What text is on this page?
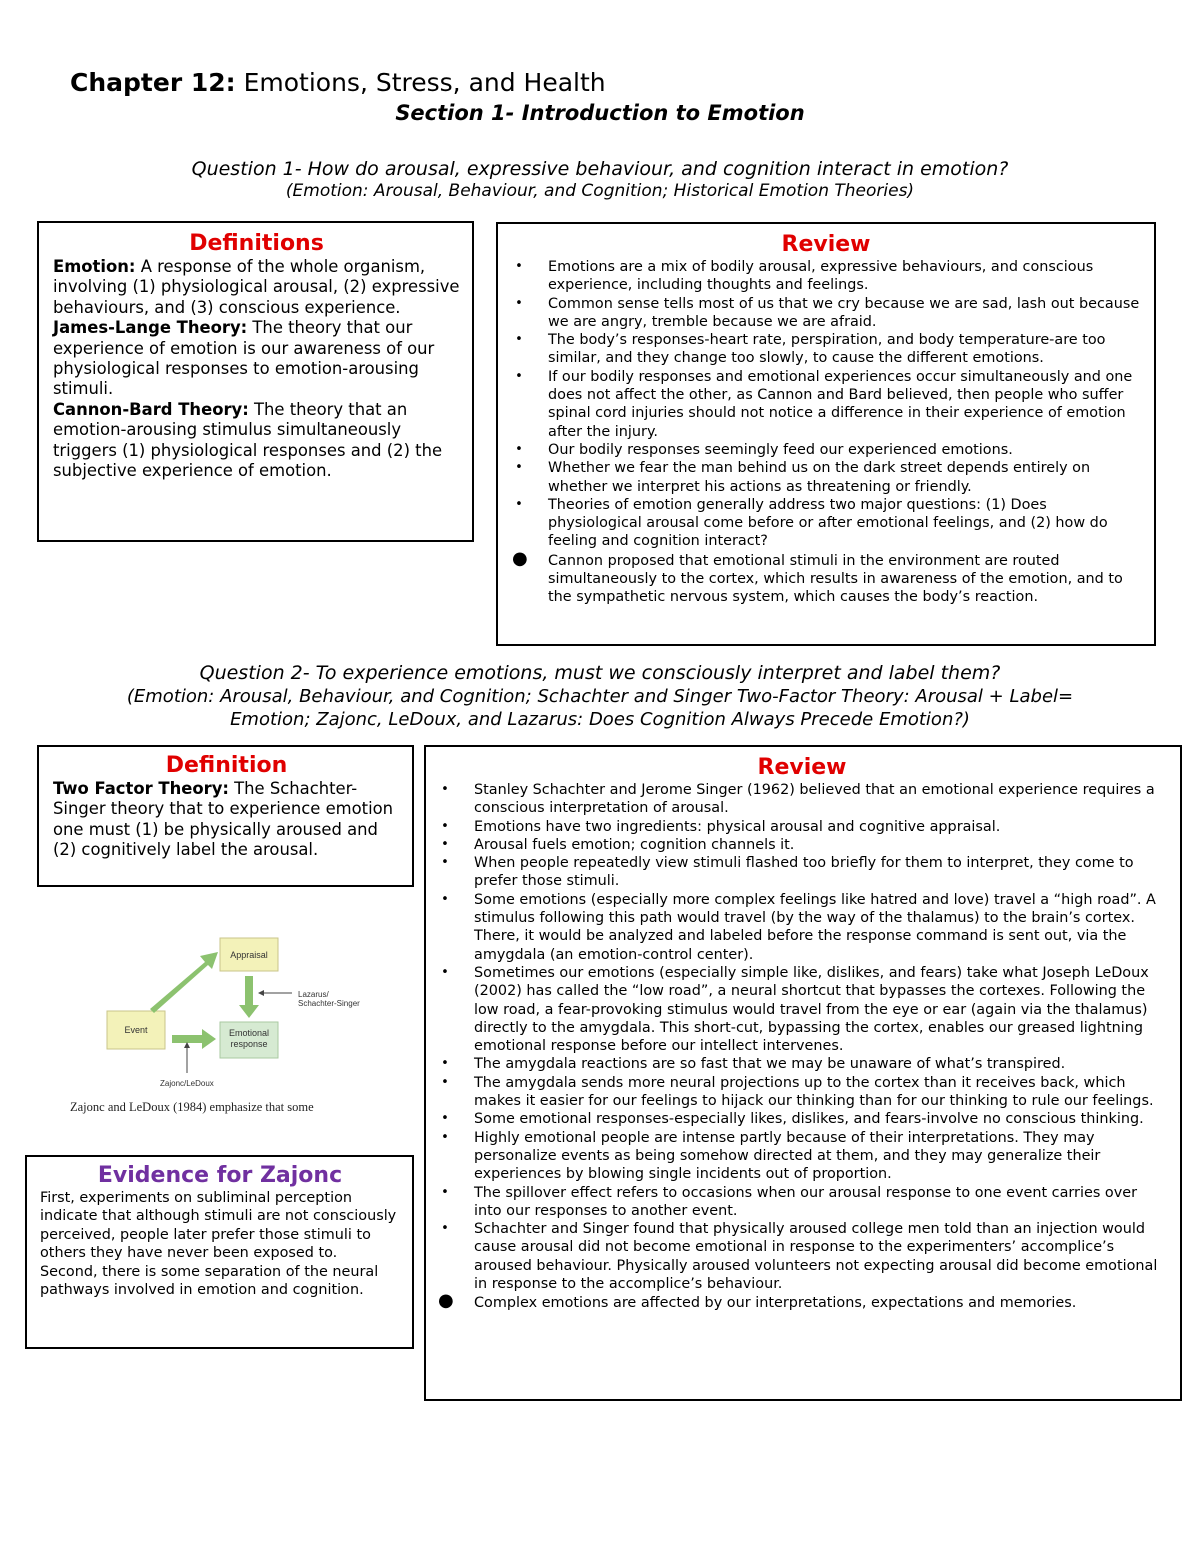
Chapter 12: Emotions, Stress, and Health
Section 1- Introduction to Emotion
Question 1- How do arousal, expressive behaviour, and cognition interact in emotion?
(Emotion: Arousal, Behaviour, and Cognition; Historical Emotion Theories)
Definitions

Emotion: A response of the whole organism, involving (1) physiological arousal, (2) expressive behaviours, and (3) conscious experience.

James-Lange Theory: The theory that our experience of emotion is our awareness of our physiological responses to emotion-arousing stimuli.

Cannon-Bard Theory: The theory that an emotion-arousing stimulus simultaneously triggers (1) physiological responses and (2) the subjective experience of emotion.

Review
• Emotions are a mix of bodily arousal, expressive behaviours, and conscious experience, including thoughts and feelings.
• Common sense tells most of us that we cry because we are sad, lash out because we are angry, tremble because we are afraid.
• The body’s responses-heart rate, perspiration, and body temperature-are too similar, and they change too slowly, to cause the different emotions.
• If our bodily responses and emotional experiences occur simultaneously and one does not affect the other, as Cannon and Bard believed, then people who suffer spinal cord injuries should not notice a difference in their experience of emotion after the injury.
• Our bodily responses seemingly feed our experienced emotions.
• Whether we fear the man behind us on the dark street depends entirely on whether we interpret his actions as threatening or friendly.
• Theories of emotion generally address two major questions: (1) Does physiological arousal come before or after emotional feelings, and (2) how do feeling and cognition interact?
● Cannon proposed that emotional stimuli in the environment are routed simultaneously to the cortex, which results in awareness of the emotion, and to the sympathetic nervous system, which causes the body’s reaction.
Question 2- To experience emotions, must we consciously interpret and label them?
(Emotion: Arousal, Behaviour, and Cognition; Schachter and Singer Two-Factor Theory: Arousal + Label=
Emotion; Zajonc, LeDoux, and Lazarus: Does Cognition Always Precede Emotion?)
Definition
Two Factor Theory: The Schachter-Singer theory that to experience emotion one must (1) be physically aroused and (2) cognitively label the arousal.
Appraisal
Event	Emotional
response
Lazarus/
Schachter-Singer
Zajonc/LeDoux
Zajonc and LeDoux (1984) emphasize that some
Evidence for Zajonc

First, experiments on subliminal perception indicate that although stimuli are not consciously perceived, people later prefer those stimuli to others they have never been exposed to.

Second, there is some separation of the neural pathways involved in emotion and cognition.

Review
• Stanley Schachter and Jerome Singer (1962) believed that an emotional experience requires a conscious interpretation of arousal.
• Emotions have two ingredients: physical arousal and cognitive appraisal.
• Arousal fuels emotion; cognition channels it.
• When people repeatedly view stimuli flashed too briefly for them to interpret, they come to prefer those stimuli.
• Some emotions (especially more complex feelings like hatred and love) travel a “high road”. A stimulus following this path would travel (by the way of the thalamus) to the brain’s cortex. There, it would be analyzed and labeled before the response command is sent out, via the amygdala (an emotion-control center).
• Sometimes our emotions (especially simple like, dislikes, and fears) take what Joseph LeDoux (2002) has called the “low road”, a neural shortcut that bypasses the cortexes. Following the low road, a fear-provoking stimulus would travel from the eye or ear (again via the thalamus) directly to the amygdala. This short-cut, bypassing the cortex, enables our greased lightning emotional response before our intellect intervenes.
• The amygdala reactions are so fast that we may be unaware of what’s transpired.
• The amygdala sends more neural projections up to the cortex than it receives back, which makes it easier for our feelings to hijack our thinking than for our thinking to rule our feelings.
• Some emotional responses-especially likes, dislikes, and fears-involve no conscious thinking.
• Highly emotional people are intense partly because of their interpretations. They may personalize events as being somehow directed at them, and they may generalize their experiences by blowing single incidents out of proportion.
• The spillover effect refers to occasions when our arousal response to one event carries over into our responses to another event.
• Schachter and Singer found that physically aroused college men told than an injection would cause arousal did not become emotional in response to the experimenters’ accomplice’s aroused behaviour. Physically aroused volunteers not expecting arousal did become emotional in response to the accomplice’s behaviour.
● Complex emotions are affected by our interpretations, expectations and memories.
